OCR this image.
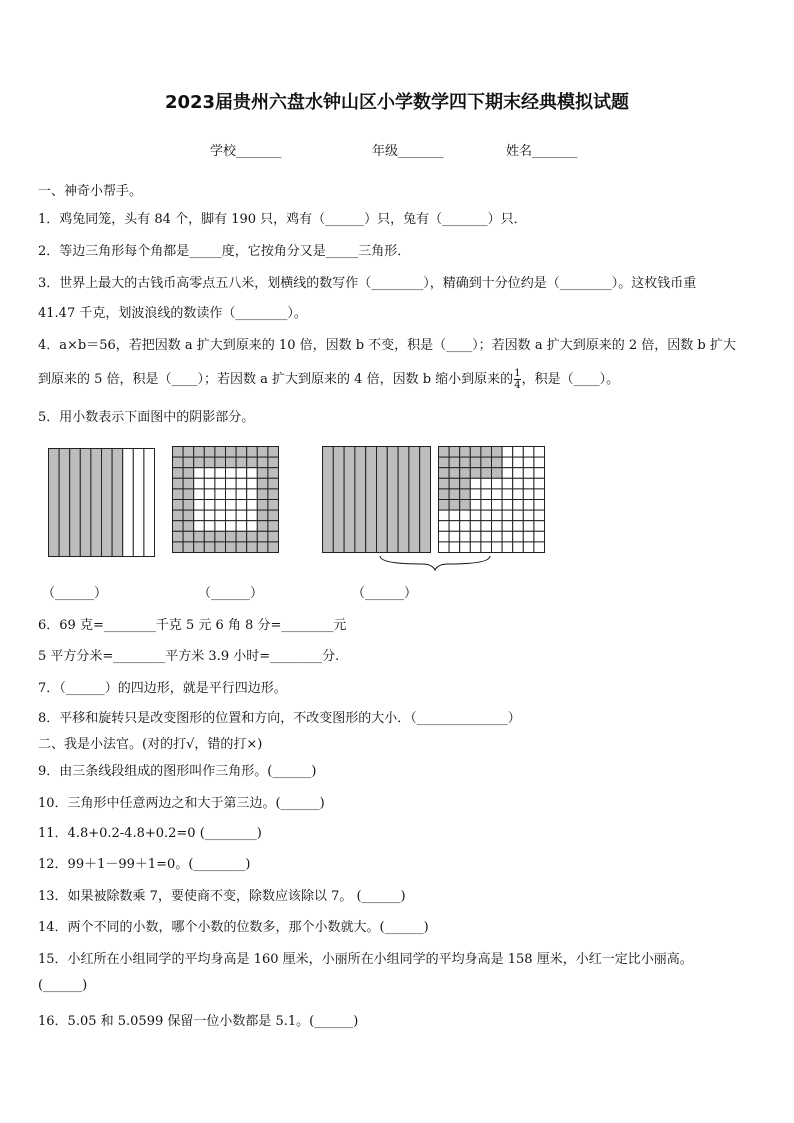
2023届贵州六盘水钟山区小学数学四下期末经典模拟试题
学校_______	年级_______	姓名_______
一、神奇小帮手。
1．鸡兔同笼，头有 84 个，脚有 190 只，鸡有（______）只，兔有（_______）只．
2．等边三角形每个角都是_____度，它按角分又是_____三角形．
3．世界上最大的古钱币高零点五八米，划横线的数写作（________），精确到十分位约是（________）。这枚钱币重
41.47 千克，划波浪线的数读作（________）。
4．a×b＝56，若把因数 a 扩大到原来的 10 倍，因数 b 不变，积是（____）；若因数 a 扩大到原来的 2 倍，因数 b 扩大
到原来的 5 倍，积是（____）；若因数 a 扩大到原来的 4 倍，因数 b 缩小到原来的 $\frac{1}{4}$ ，积是（____）。
5．用小数表示下面图中的阴影部分。
（______）	（______）	（______）
6．69 克=________千克 5 元 6 角 8 分=________元
5 平方分米=________平方米 3.9 小时=________分.
7．（______）的四边形，就是平行四边形。
8．平移和旋转只是改变图形的位置和方向，不改变图形的大小．（______________）
二、我是小法官。(对的打√，错的打×)
9．由三条线段组成的图形叫作三角形。(______)
10．三角形中任意两边之和大于第三边。(______)
11．4.8+0.2-4.8+0.2=0 (________)
12．99＋1－99＋1=0。(________)
13．如果被除数乘 7，要使商不变，除数应该除以 7。 (______)
14．两个不同的小数，哪个小数的位数多，那个小数就大。(______)
15．小红所在小组同学的平均身高是 160 厘米，小丽所在小组同学的平均身高是 158 厘米，小红一定比小丽高。
(______)
16．5.05 和 5.0599 保留一位小数都是 5.1。(______)
